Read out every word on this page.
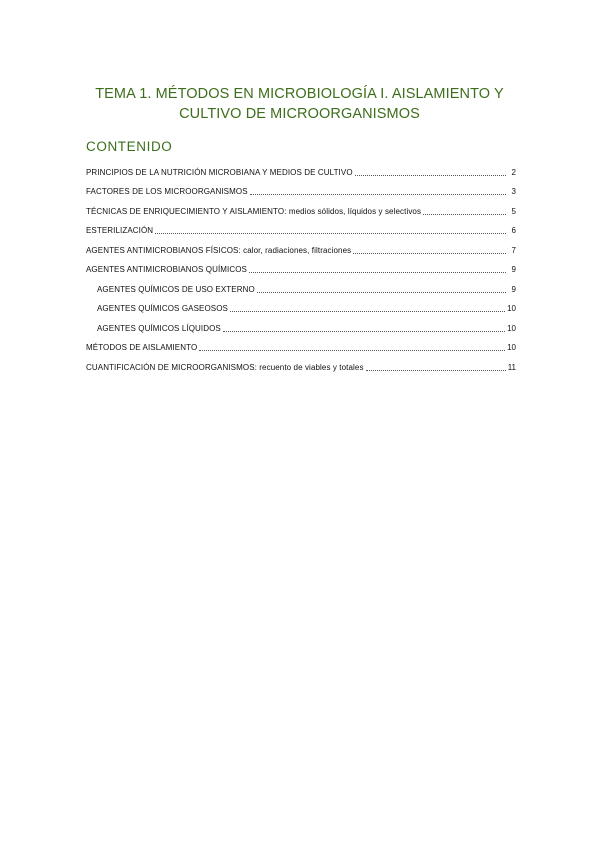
TEMA 1. MÉTODOS EN MICROBIOLOGÍA I. AISLAMIENTO Y
CULTIVO DE MICROORGANISMOS
CONTENIDO
PRINCIPIOS DE LA NUTRICIÓN MICROBIANA Y MEDIOS DE CULTIVO	2
FACTORES DE LOS MICROORGANISMOS	3
TÉCNICAS DE ENRIQUECIMIENTO Y AISLAMIENTO: medios sólidos, líquidos y selectivos	5
ESTERILIZACIÓN	6
AGENTES ANTIMICROBIANOS FÍSICOS: calor, radiaciones, filtraciones	7
AGENTES ANTIMICROBIANOS QUÍMICOS	9
AGENTES QUÍMICOS DE USO EXTERNO	9
AGENTES QUÍMICOS GASEOSOS	10
AGENTES QUÍMICOS LÍQUIDOS	10
MÉTODOS DE AISLAMIENTO	10
CUANTIFICACIÓN DE MICROORGANISMOS: recuento de viables y totales	11
